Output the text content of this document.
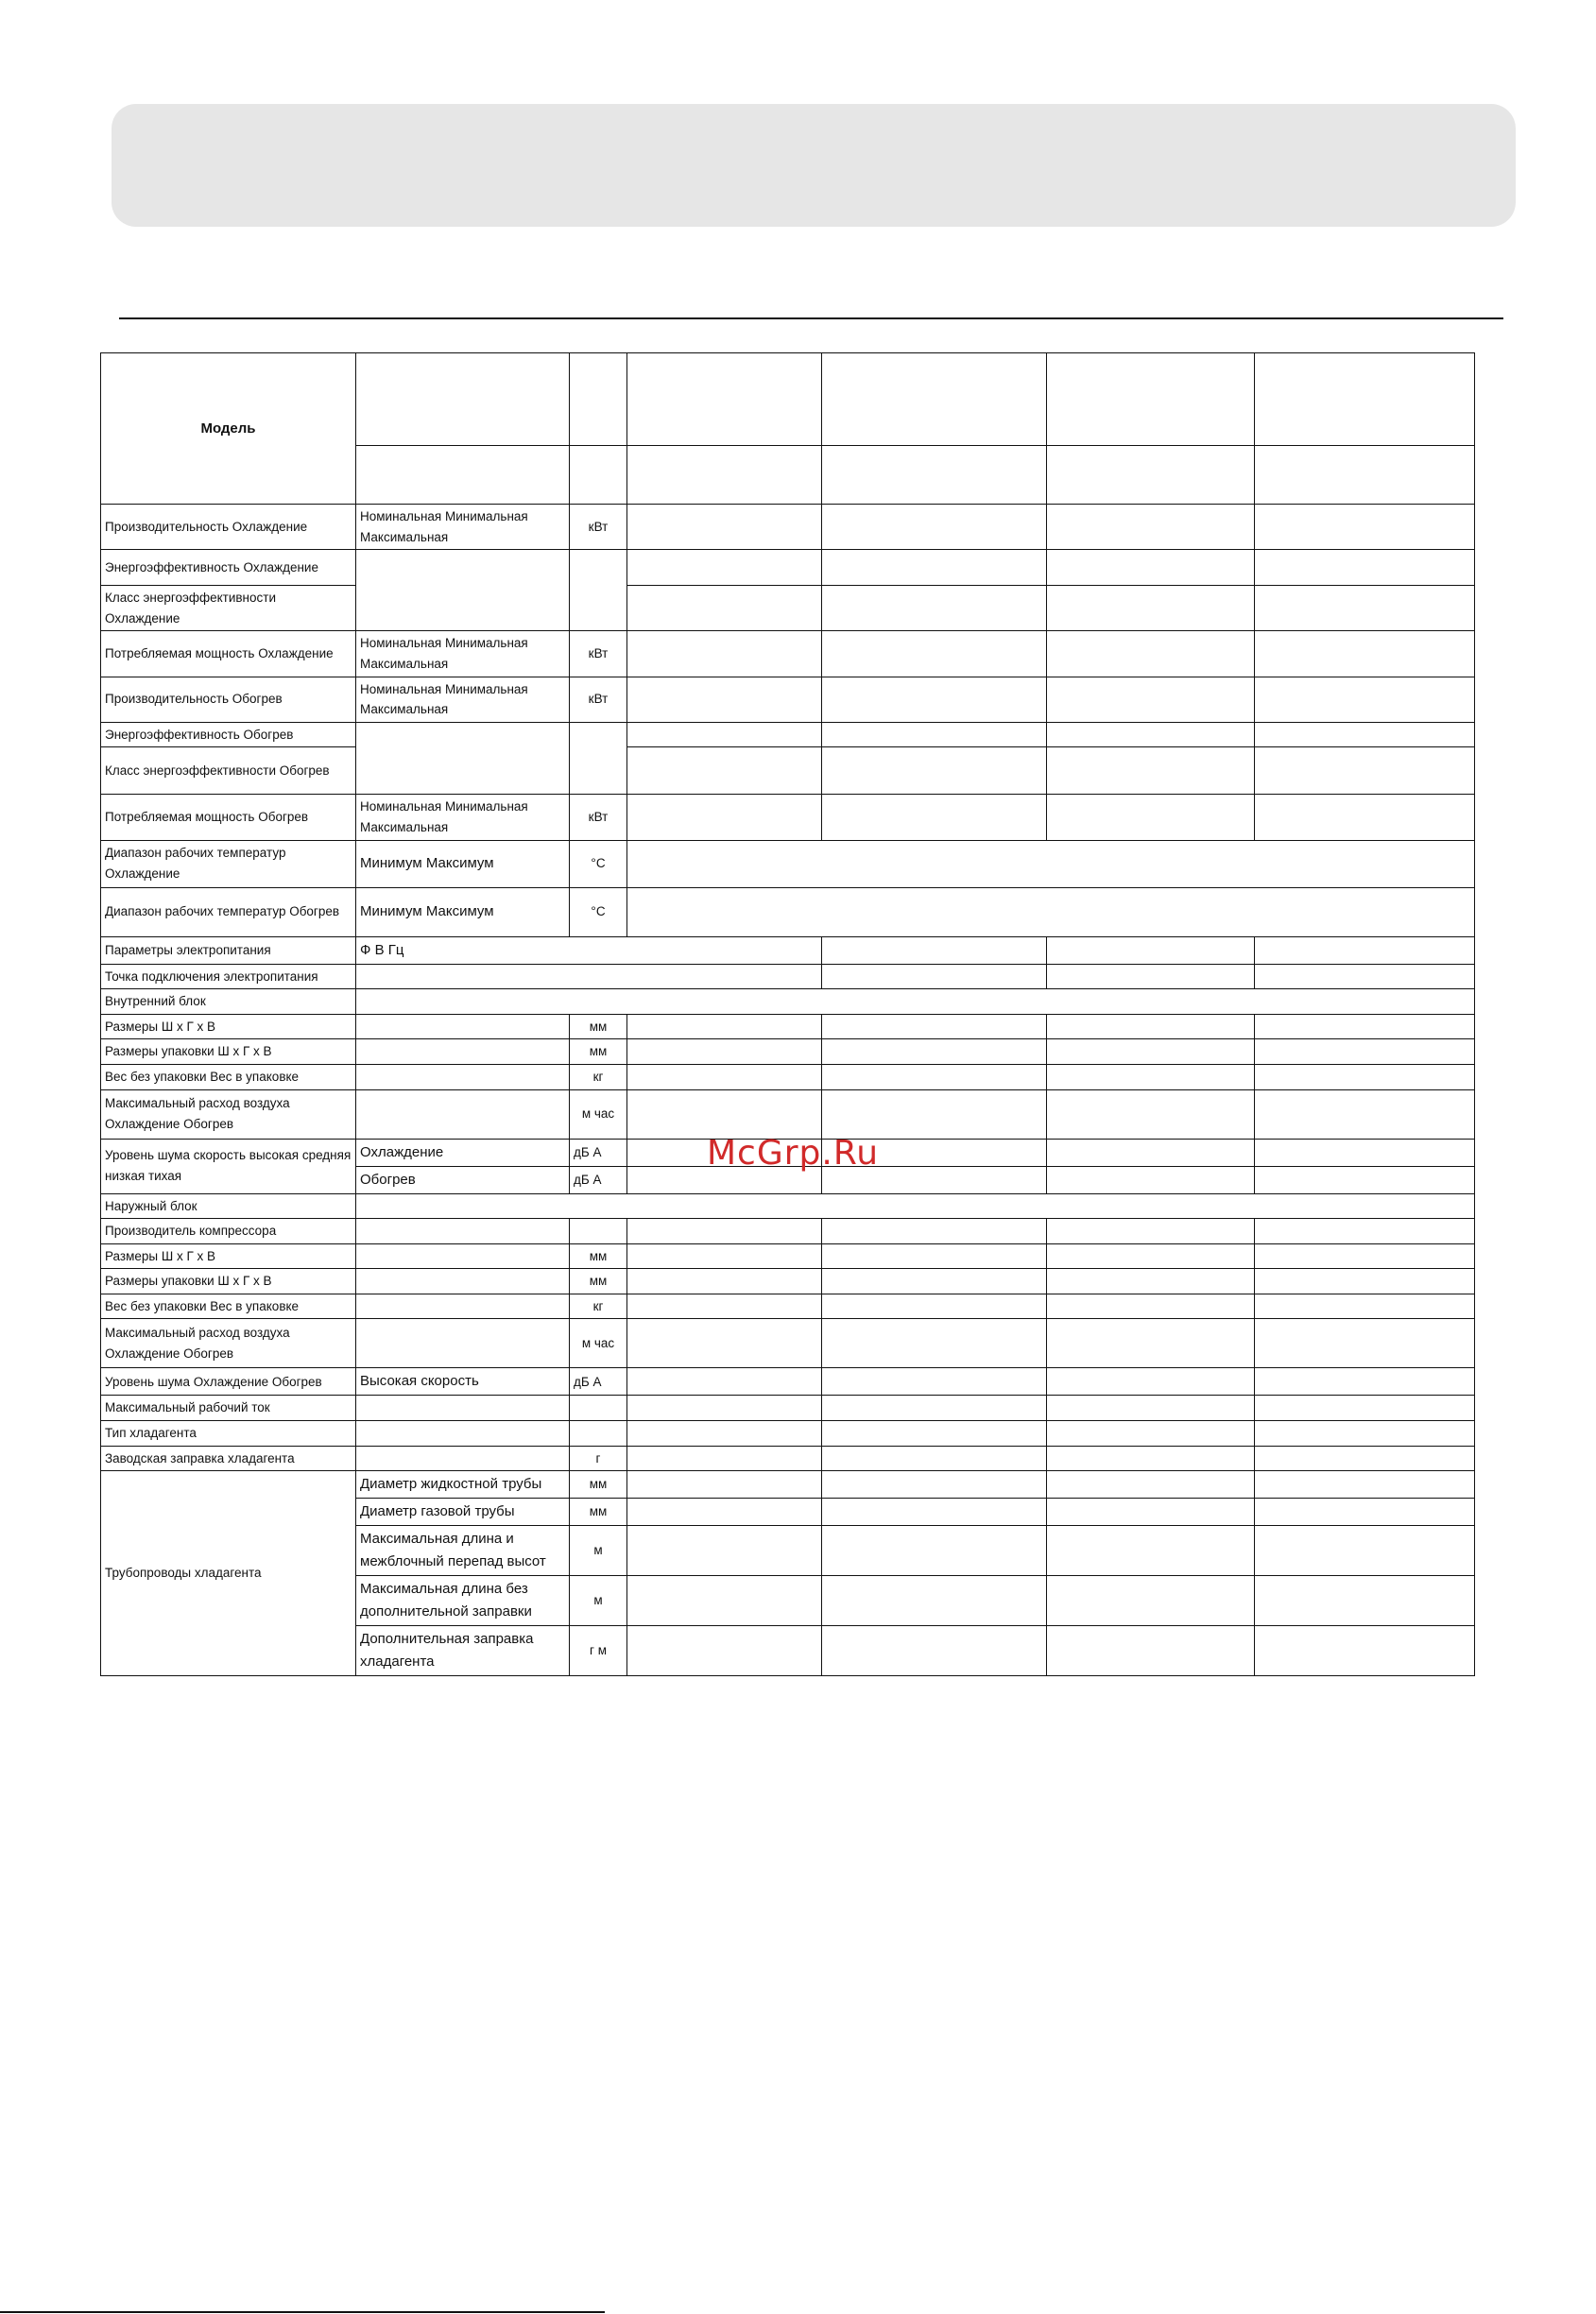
Модель						

Производительность Охлаждение	Номинальная Минимальная Максимальная	кВт				
Энергоэффективность Охлаждение						
Класс энергоэффективности Охлаждение						
Потребляемая мощность Охлаждение	Номинальная Минимальная Максимальная	кВт				
Производительность Обогрев	Номинальная Минимальная Максимальная	кВт				
Энергоэффективность Обогрев						
Класс энергоэффективности Обогрев						
Потребляемая мощность Обогрев	Номинальная Минимальная Максимальная	кВт				
Диапазон рабочих температур Охлаждение	Минимум Максимум	°C				
Диапазон рабочих температур Обогрев	Минимум Максимум	°C				
Параметры электропитания	Ф В Гц					
Точка подключения электропитания						
Внутренний блок						
Размеры Ш х Г х В		мм				
Размеры упаковки Ш х Г х В		мм				
Вес без упаковки Вес в упаковке		кг				
Максимальный расход воздуха Охлаждение Обогрев		м час				
Уровень шума скорость высокая средняя низкая тихая	Охлаждение	дБ А				
	Обогрев	дБ А				
Наружный блок						
Производитель компрессора						
Размеры Ш х Г х В		мм				
Размеры упаковки Ш х Г х В		мм				
Вес без упаковки Вес в упаковке		кг				
Максимальный расход воздуха Охлаждение Обогрев		м час				
Уровень шума Охлаждение Обогрев	Высокая скорость	дБ А				
Максимальный рабочий ток						
Тип хладагента						
Заводская заправка хладагента		г				
Трубопроводы хладагента	Диаметр жидкостной трубы	мм				
	Диаметр газовой трубы	мм				
	Максимальная длина и межблочный перепад высот	м				
	Максимальная длина без дополнительной заправки	м				
	Дополнительная заправка хладагента	г м				
McGrp.Ru
